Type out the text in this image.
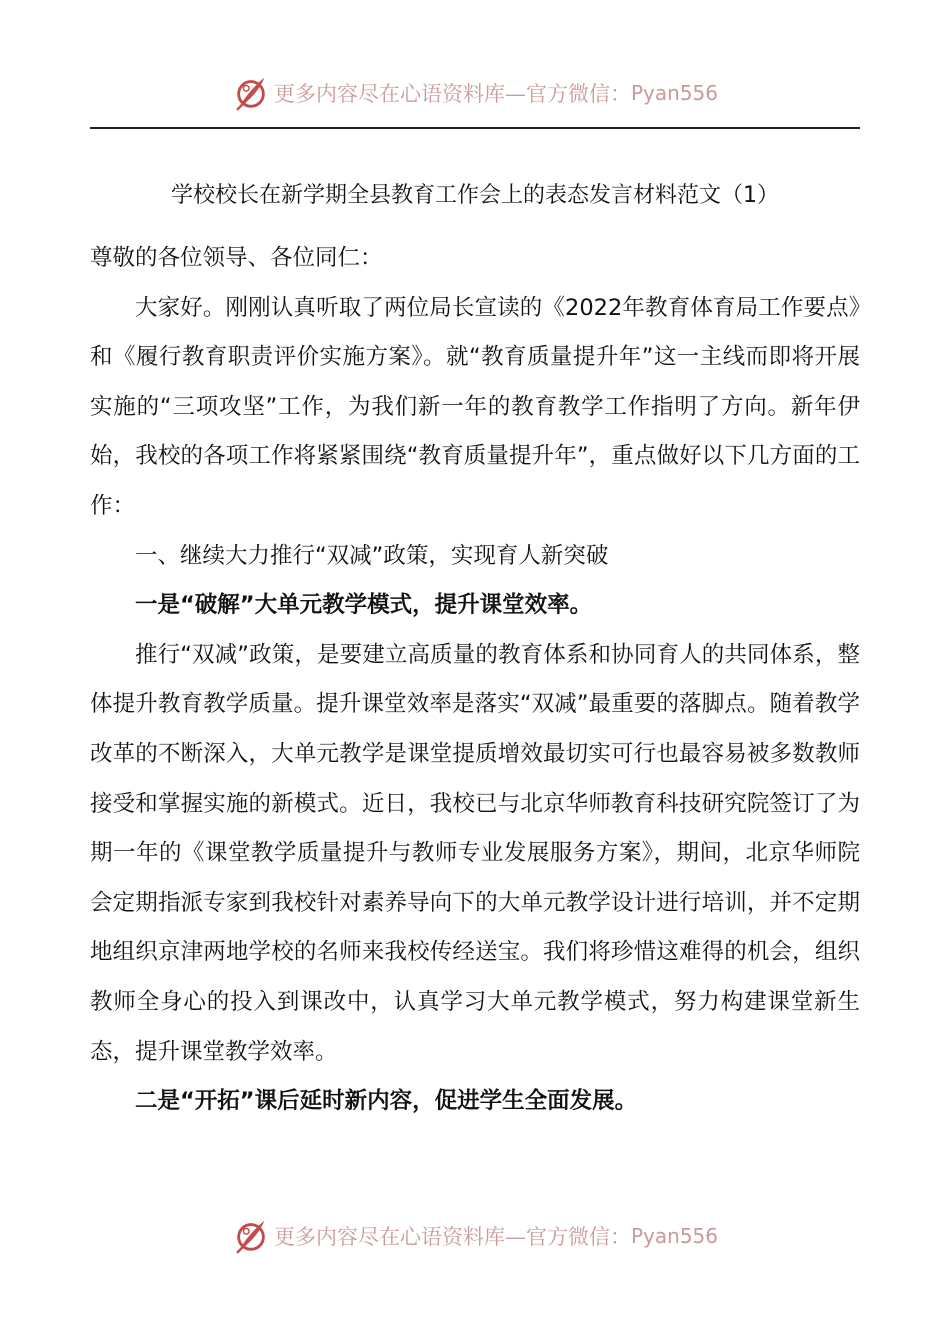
更多内容尽在心语资料库—官方微信： Pyan556
学校校长在新学期全县教育工作会上的表态发言材料范文（1）

尊敬的各位领导、各位同仁：

大家好。刚刚认真听取了两位局长宣读的《2022年教育体育局工作要点》和《履行教育职责评价实施方案》。就“教育质量提升年”这一主线而即将开展实施的“三项攻坚”工作，为我们新一年的教育教学工作指明了方向。新年伊始，我校的各项工作将紧紧围绕“教育质量提升年”，重点做好以下几方面的工作：

一、继续大力推行“双减”政策，实现育人新突破

一是“破解”大单元教学模式，提升课堂效率。

推行“双减”政策，是要建立高质量的教育体系和协同育人的共同体系，整体提升教育教学质量。提升课堂效率是落实“双减”最重要的落脚点。随着教学改革的不断深入，大单元教学是课堂提质增效最切实可行也最容易被多数教师接受和掌握实施的新模式。近日，我校已与北京华师教育科技研究院签订了为期一年的《课堂教学质量提升与教师专业发展服务方案》，期间，北京华师院会定期指派专家到我校针对素养导向下的大单元教学设计进行培训，并不定期地组织京津两地学校的名师来我校传经送宝。我们将珍惜这难得的机会，组织教师全身心的投入到课改中，认真学习大单元教学模式，努力构建课堂新生态，提升课堂教学效率。

二是“开拓”课后延时新内容，促进学生全面发展。

更多内容尽在心语资料库—官方微信： Pyan556
